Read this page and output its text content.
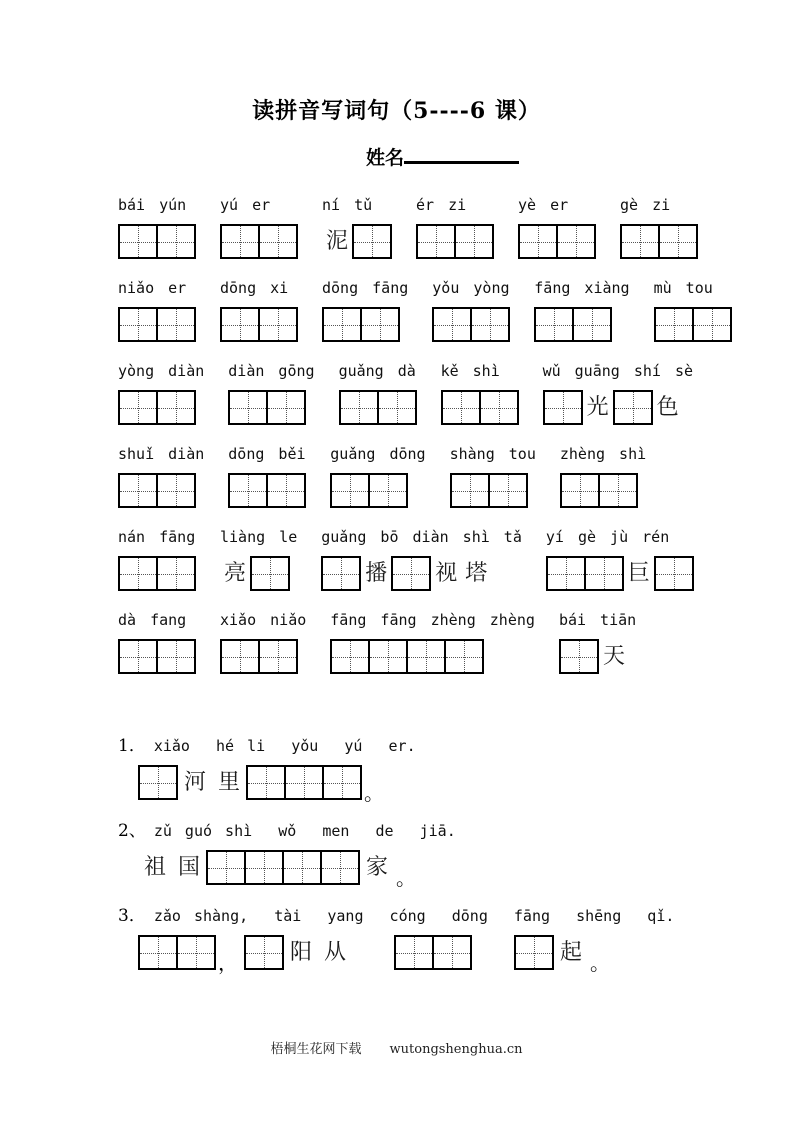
读拼音写词句（5----6 课）
姓名
bái yún yú er	ní tǔ
泥
ér zi	yè er	gè zi
niǎo er dōng xi dōng fāng yǒu yòng fāng xiàng mù tou
yòng diàn diàn gōng guǎng dà kě shì	wǔ guāng shí sè
光 色
shuǐ diàn dōng běi guǎng dōng shàng tou zhèng shì
nán fāng liàng le
亮
guǎng bō diàn shì tǎ
播 视 塔
yí gè jù rén
巨
dà fang xiǎo niǎo fāng fāng zhèng zhèng bái tiān
天
1． xiǎo  hé li  yǒu  yú  er.
河 里	。
2、 zǔ guó shì  wǒ  men  de  jiā.
祖 国	家 。
3． zǎo shàng,  tài  yang  cóng  dōng  fāng  shēng  qǐ.
， 阳 从	起 。
梧桐生花网下载 wutongshenghua.cn
